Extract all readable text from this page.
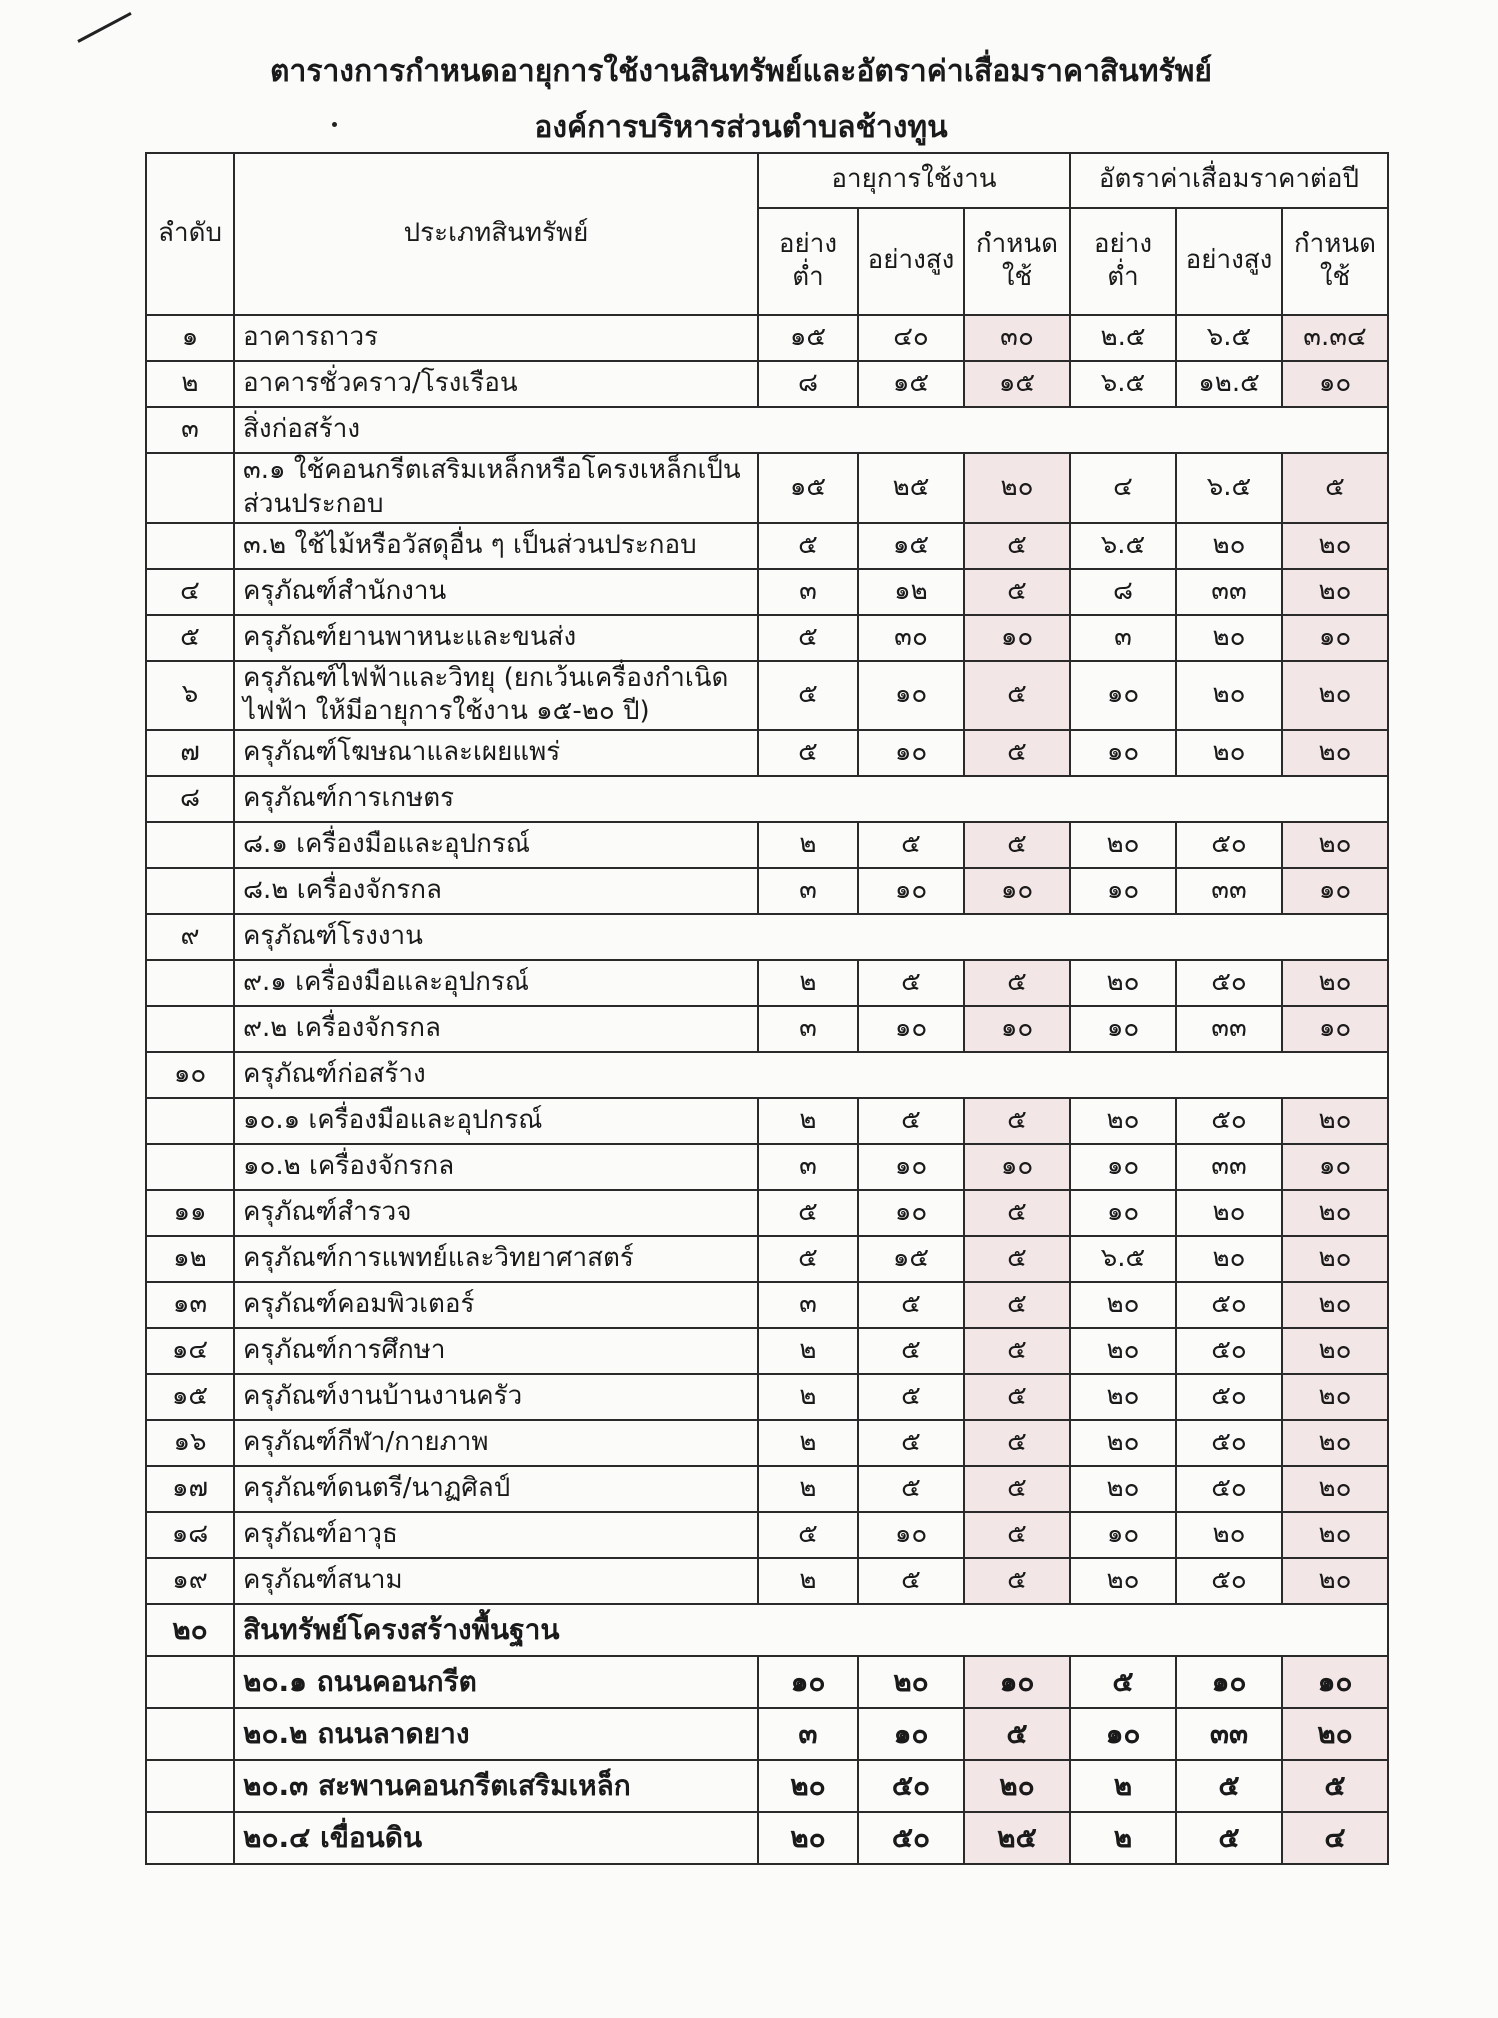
ตารางการกำหนดอายุการใช้งานสินทรัพย์และอัตราค่าเสื่อมราคาสินทรัพย์
องค์การบริหารส่วนตำบลช้างทูน
ลำดับ	ประเภทสินทรัพย์	อายุการใช้งาน			อัตราค่าเสื่อมราคาต่อปี		
		อย่างต่ำ	อย่างสูง	กำหนดใช้	อย่างต่ำ	อย่างสูง	กำหนดใช้
๑	อาคารถาวร	๑๕	๔๐	๓๐	๒.๕	๖.๕	๓.๓๔
๒	อาคารชั่วคราว/โรงเรือน	๘	๑๕	๑๕	๖.๕	๑๒.๕	๑๐
๓	สิ่งก่อสร้าง						
	๓.๑ ใช้คอนกรีตเสริมเหล็กหรือโครงเหล็กเป็นส่วนประกอบ	๑๕	๒๕	๒๐	๔	๖.๕	๕
	๓.๒ ใช้ไม้หรือวัสดุอื่น ๆ เป็นส่วนประกอบ	๕	๑๕	๕	๖.๕	๒๐	๒๐
๔	ครุภัณฑ์สำนักงาน	๓	๑๒	๕	๘	๓๓	๒๐
๕	ครุภัณฑ์ยานพาหนะและขนส่ง	๕	๓๐	๑๐	๓	๒๐	๑๐
๖	ครุภัณฑ์ไฟฟ้าและวิทยุ (ยกเว้นเครื่องกำเนิดไฟฟ้า ให้มีอายุการใช้งาน ๑๕-๒๐ ปี)	๕	๑๐	๕	๑๐	๒๐	๒๐
๗	ครุภัณฑ์โฆษณาและเผยแพร่	๕	๑๐	๕	๑๐	๒๐	๒๐
๘	ครุภัณฑ์การเกษตร						
	๘.๑ เครื่องมือและอุปกรณ์	๒	๕	๕	๒๐	๕๐	๒๐
	๘.๒ เครื่องจักรกล	๓	๑๐	๑๐	๑๐	๓๓	๑๐
๙	ครุภัณฑ์โรงงาน						
	๙.๑ เครื่องมือและอุปกรณ์	๒	๕	๕	๒๐	๕๐	๒๐
	๙.๒ เครื่องจักรกล	๓	๑๐	๑๐	๑๐	๓๓	๑๐
๑๐	ครุภัณฑ์ก่อสร้าง						
	๑๐.๑ เครื่องมือและอุปกรณ์	๒	๕	๕	๒๐	๕๐	๒๐
	๑๐.๒ เครื่องจักรกล	๓	๑๐	๑๐	๑๐	๓๓	๑๐
๑๑	ครุภัณฑ์สำรวจ	๕	๑๐	๕	๑๐	๒๐	๒๐
๑๒	ครุภัณฑ์การแพทย์และวิทยาศาสตร์	๕	๑๕	๕	๖.๕	๒๐	๒๐
๑๓	ครุภัณฑ์คอมพิวเตอร์	๓	๕	๕	๒๐	๕๐	๒๐
๑๔	ครุภัณฑ์การศึกษา	๒	๕	๕	๒๐	๕๐	๒๐
๑๕	ครุภัณฑ์งานบ้านงานครัว	๒	๕	๕	๒๐	๕๐	๒๐
๑๖	ครุภัณฑ์กีฬา/กายภาพ	๒	๕	๕	๒๐	๕๐	๒๐
๑๗	ครุภัณฑ์ดนตรี/นาฏศิลป์	๒	๕	๕	๒๐	๕๐	๒๐
๑๘	ครุภัณฑ์อาวุธ	๕	๑๐	๕	๑๐	๒๐	๒๐
๑๙	ครุภัณฑ์สนาม	๒	๕	๕	๒๐	๕๐	๒๐
๒๐	สินทรัพย์โครงสร้างพื้นฐาน						
	๒๐.๑ ถนนคอนกรีต	๑๐	๒๐	๑๐	๕	๑๐	๑๐
	๒๐.๒ ถนนลาดยาง	๓	๑๐	๕	๑๐	๓๓	๒๐
	๒๐.๓ สะพานคอนกรีตเสริมเหล็ก	๒๐	๕๐	๒๐	๒	๕	๕
	๒๐.๔ เขื่อนดิน	๒๐	๕๐	๒๕	๒	๕	๔
